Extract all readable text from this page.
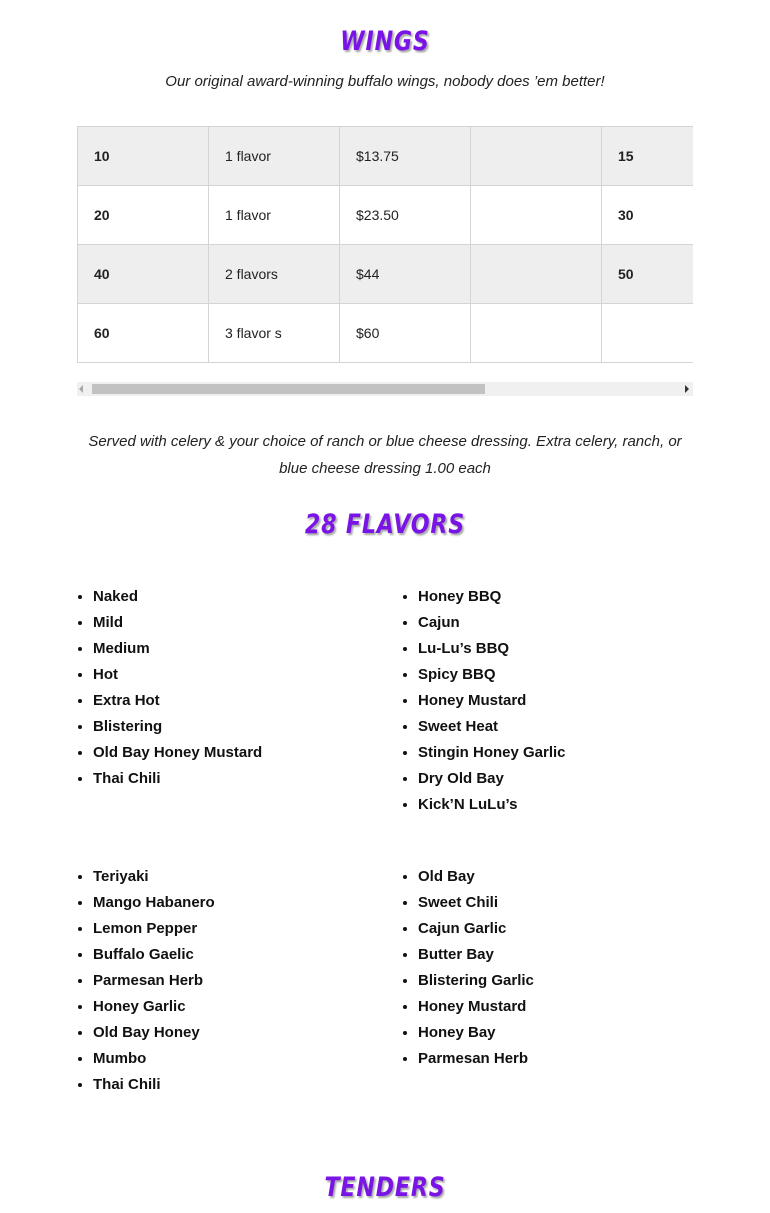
WINGS
Our original award-winning buffalo wings, nobody does ’em better!
10	1 flavor	$13.75		15	
20	1 flavor	$23.50		30	
40	2 flavors	$44		50	
60	3 flavor s	$60			
Served with celery & your choice of ranch or blue cheese dressing. Extra celery, ranch, or blue cheese dressing 1.00 each
28 FLAVORS
• Naked
• Mild
• Medium
• Hot
• Extra Hot
• Blistering
• Old Bay Honey Mustard
• Thai Chili
• Honey BBQ
• Cajun
• Lu-Lu’s BBQ
• Spicy BBQ
• Honey Mustard
• Sweet Heat
• Stingin Honey Garlic
• Dry Old Bay
• Kick’N LuLu’s
• Teriyaki
• Mango Habanero
• Lemon Pepper
• Buffalo Gaelic
• Parmesan Herb
• Honey Garlic
• Old Bay Honey
• Mumbo
• Thai Chili
• Old Bay
• Sweet Chili
• Cajun Garlic
• Butter Bay
• Blistering Garlic
• Honey Mustard
• Honey Bay
• Parmesan Herb
TENDERS
